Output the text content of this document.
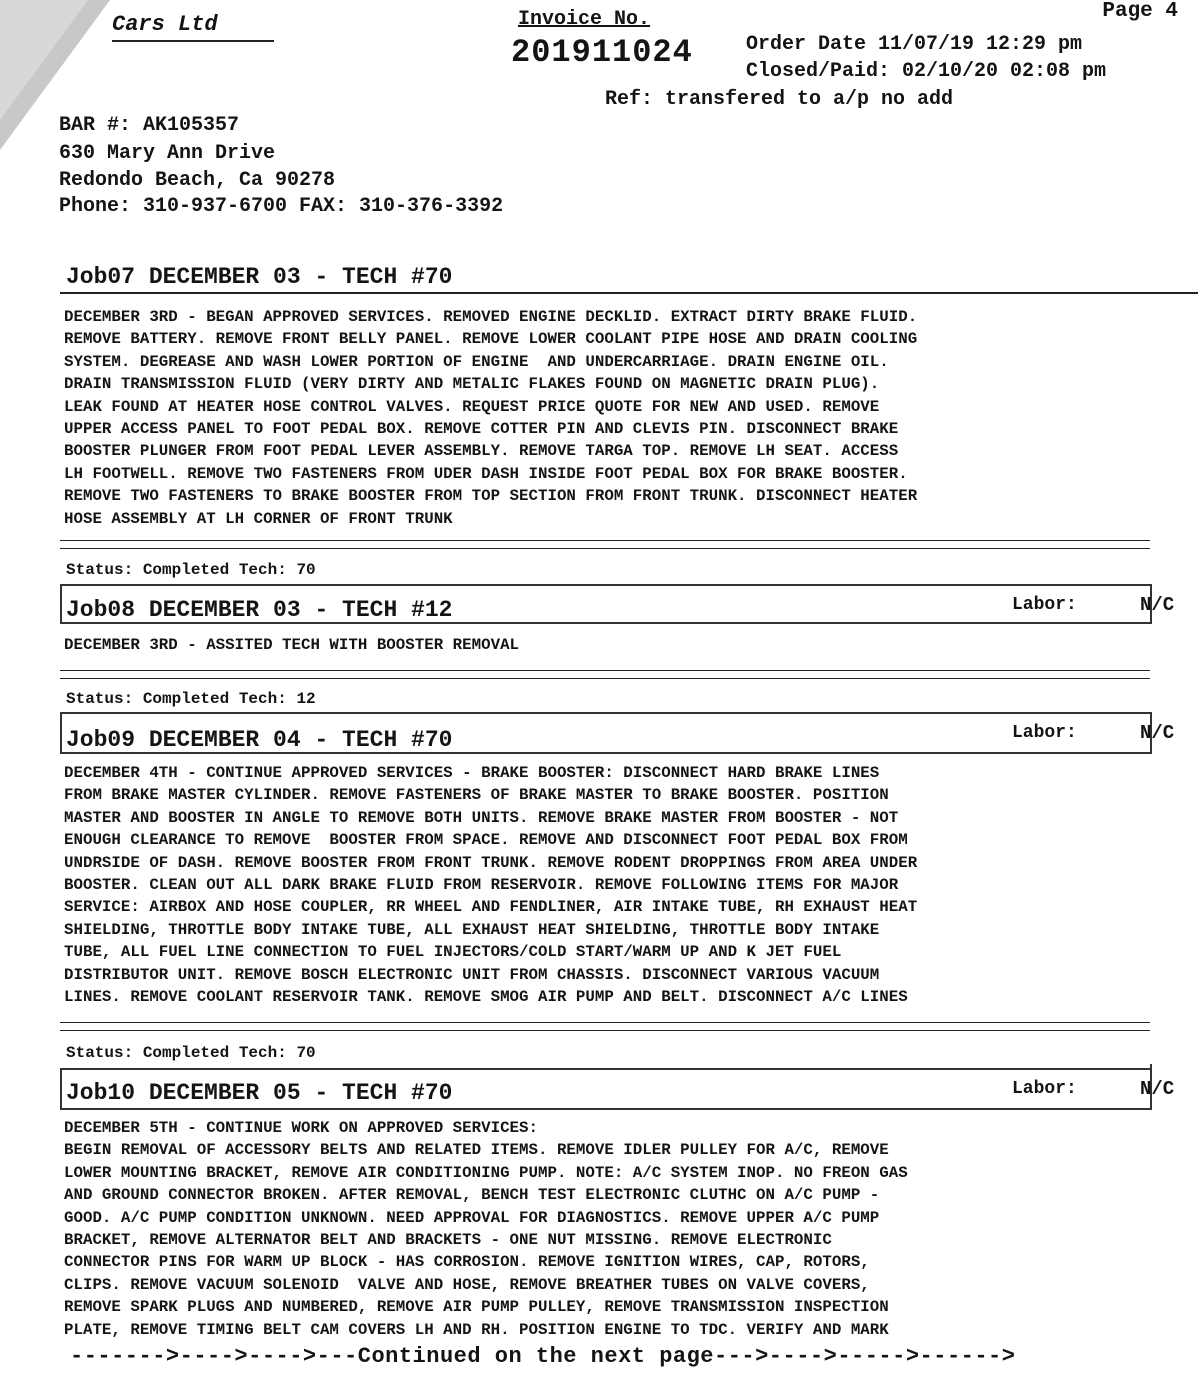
Cars Ltd	Invoice No.
201911024
Page 4
Order Date 11/07/19 12:29 pm
Closed/Paid: 02/10/20 02:08 pm
Ref: transfered to a/p no add
BAR #: AK105357
630 Mary Ann Drive
Redondo Beach, Ca 90278
Phone: 310-937-6700 FAX: 310-376-3392
Job07 DECEMBER 03 - TECH #70
DECEMBER 3RD - BEGAN APPROVED SERVICES. REMOVED ENGINE DECKLID. EXTRACT DIRTY BRAKE FLUID.
REMOVE BATTERY. REMOVE FRONT BELLY PANEL. REMOVE LOWER COOLANT PIPE HOSE AND DRAIN COOLING
SYSTEM. DEGREASE AND WASH LOWER PORTION OF ENGINE  AND UNDERCARRIAGE. DRAIN ENGINE OIL.
DRAIN TRANSMISSION FLUID (VERY DIRTY AND METALIC FLAKES FOUND ON MAGNETIC DRAIN PLUG).
LEAK FOUND AT HEATER HOSE CONTROL VALVES. REQUEST PRICE QUOTE FOR NEW AND USED. REMOVE
UPPER ACCESS PANEL TO FOOT PEDAL BOX. REMOVE COTTER PIN AND CLEVIS PIN. DISCONNECT BRAKE
BOOSTER PLUNGER FROM FOOT PEDAL LEVER ASSEMBLY. REMOVE TARGA TOP. REMOVE LH SEAT. ACCESS
LH FOOTWELL. REMOVE TWO FASTENERS FROM UDER DASH INSIDE FOOT PEDAL BOX FOR BRAKE BOOSTER.
REMOVE TWO FASTENERS TO BRAKE BOOSTER FROM TOP SECTION FROM FRONT TRUNK. DISCONNECT HEATER
HOSE ASSEMBLY AT LH CORNER OF FRONT TRUNK
Status: Completed Tech: 70
Job08 DECEMBER 03 - TECH #12	Labor:	N/C
DECEMBER 3RD - ASSITED TECH WITH BOOSTER REMOVAL
Status: Completed Tech: 12
Job09 DECEMBER 04 - TECH #70	Labor:	N/C
DECEMBER 4TH - CONTINUE APPROVED SERVICES - BRAKE BOOSTER: DISCONNECT HARD BRAKE LINES
FROM BRAKE MASTER CYLINDER. REMOVE FASTENERS OF BRAKE MASTER TO BRAKE BOOSTER. POSITION
MASTER AND BOOSTER IN ANGLE TO REMOVE BOTH UNITS. REMOVE BRAKE MASTER FROM BOOSTER - NOT
ENOUGH CLEARANCE TO REMOVE  BOOSTER FROM SPACE. REMOVE AND DISCONNECT FOOT PEDAL BOX FROM
UNDRSIDE OF DASH. REMOVE BOOSTER FROM FRONT TRUNK. REMOVE RODENT DROPPINGS FROM AREA UNDER
BOOSTER. CLEAN OUT ALL DARK BRAKE FLUID FROM RESERVOIR. REMOVE FOLLOWING ITEMS FOR MAJOR
SERVICE: AIRBOX AND HOSE COUPLER, RR WHEEL AND FENDLINER, AIR INTAKE TUBE, RH EXHAUST HEAT
SHIELDING, THROTTLE BODY INTAKE TUBE, ALL EXHAUST HEAT SHIELDING, THROTTLE BODY INTAKE
TUBE, ALL FUEL LINE CONNECTION TO FUEL INJECTORS/COLD START/WARM UP AND K JET FUEL
DISTRIBUTOR UNIT. REMOVE BOSCH ELECTRONIC UNIT FROM CHASSIS. DISCONNECT VARIOUS VACUUM
LINES. REMOVE COOLANT RESERVOIR TANK. REMOVE SMOG AIR PUMP AND BELT. DISCONNECT A/C LINES
Status: Completed Tech: 70
Job10 DECEMBER 05 - TECH #70	Labor:	N/C
DECEMBER 5TH - CONTINUE WORK ON APPROVED SERVICES:
BEGIN REMOVAL OF ACCESSORY BELTS AND RELATED ITEMS. REMOVE IDLER PULLEY FOR A/C, REMOVE
LOWER MOUNTING BRACKET, REMOVE AIR CONDITIONING PUMP. NOTE: A/C SYSTEM INOP. NO FREON GAS
AND GROUND CONNECTOR BROKEN. AFTER REMOVAL, BENCH TEST ELECTRONIC CLUTHC ON A/C PUMP -
GOOD. A/C PUMP CONDITION UNKNOWN. NEED APPROVAL FOR DIAGNOSTICS. REMOVE UPPER A/C PUMP
BRACKET, REMOVE ALTERNATOR BELT AND BRACKETS - ONE NUT MISSING. REMOVE ELECTRONIC
CONNECTOR PINS FOR WARM UP BLOCK - HAS CORROSION. REMOVE IGNITION WIRES, CAP, ROTORS,
CLIPS. REMOVE VACUUM SOLENOID  VALVE AND HOSE, REMOVE BREATHER TUBES ON VALVE COVERS,
REMOVE SPARK PLUGS AND NUMBERED, REMOVE AIR PUMP PULLEY, REMOVE TRANSMISSION INSPECTION
PLATE, REMOVE TIMING BELT CAM COVERS LH AND RH. POSITION ENGINE TO TDC. VERIFY AND MARK
------->---->---->---Continued on the next page--->---->----->------>
